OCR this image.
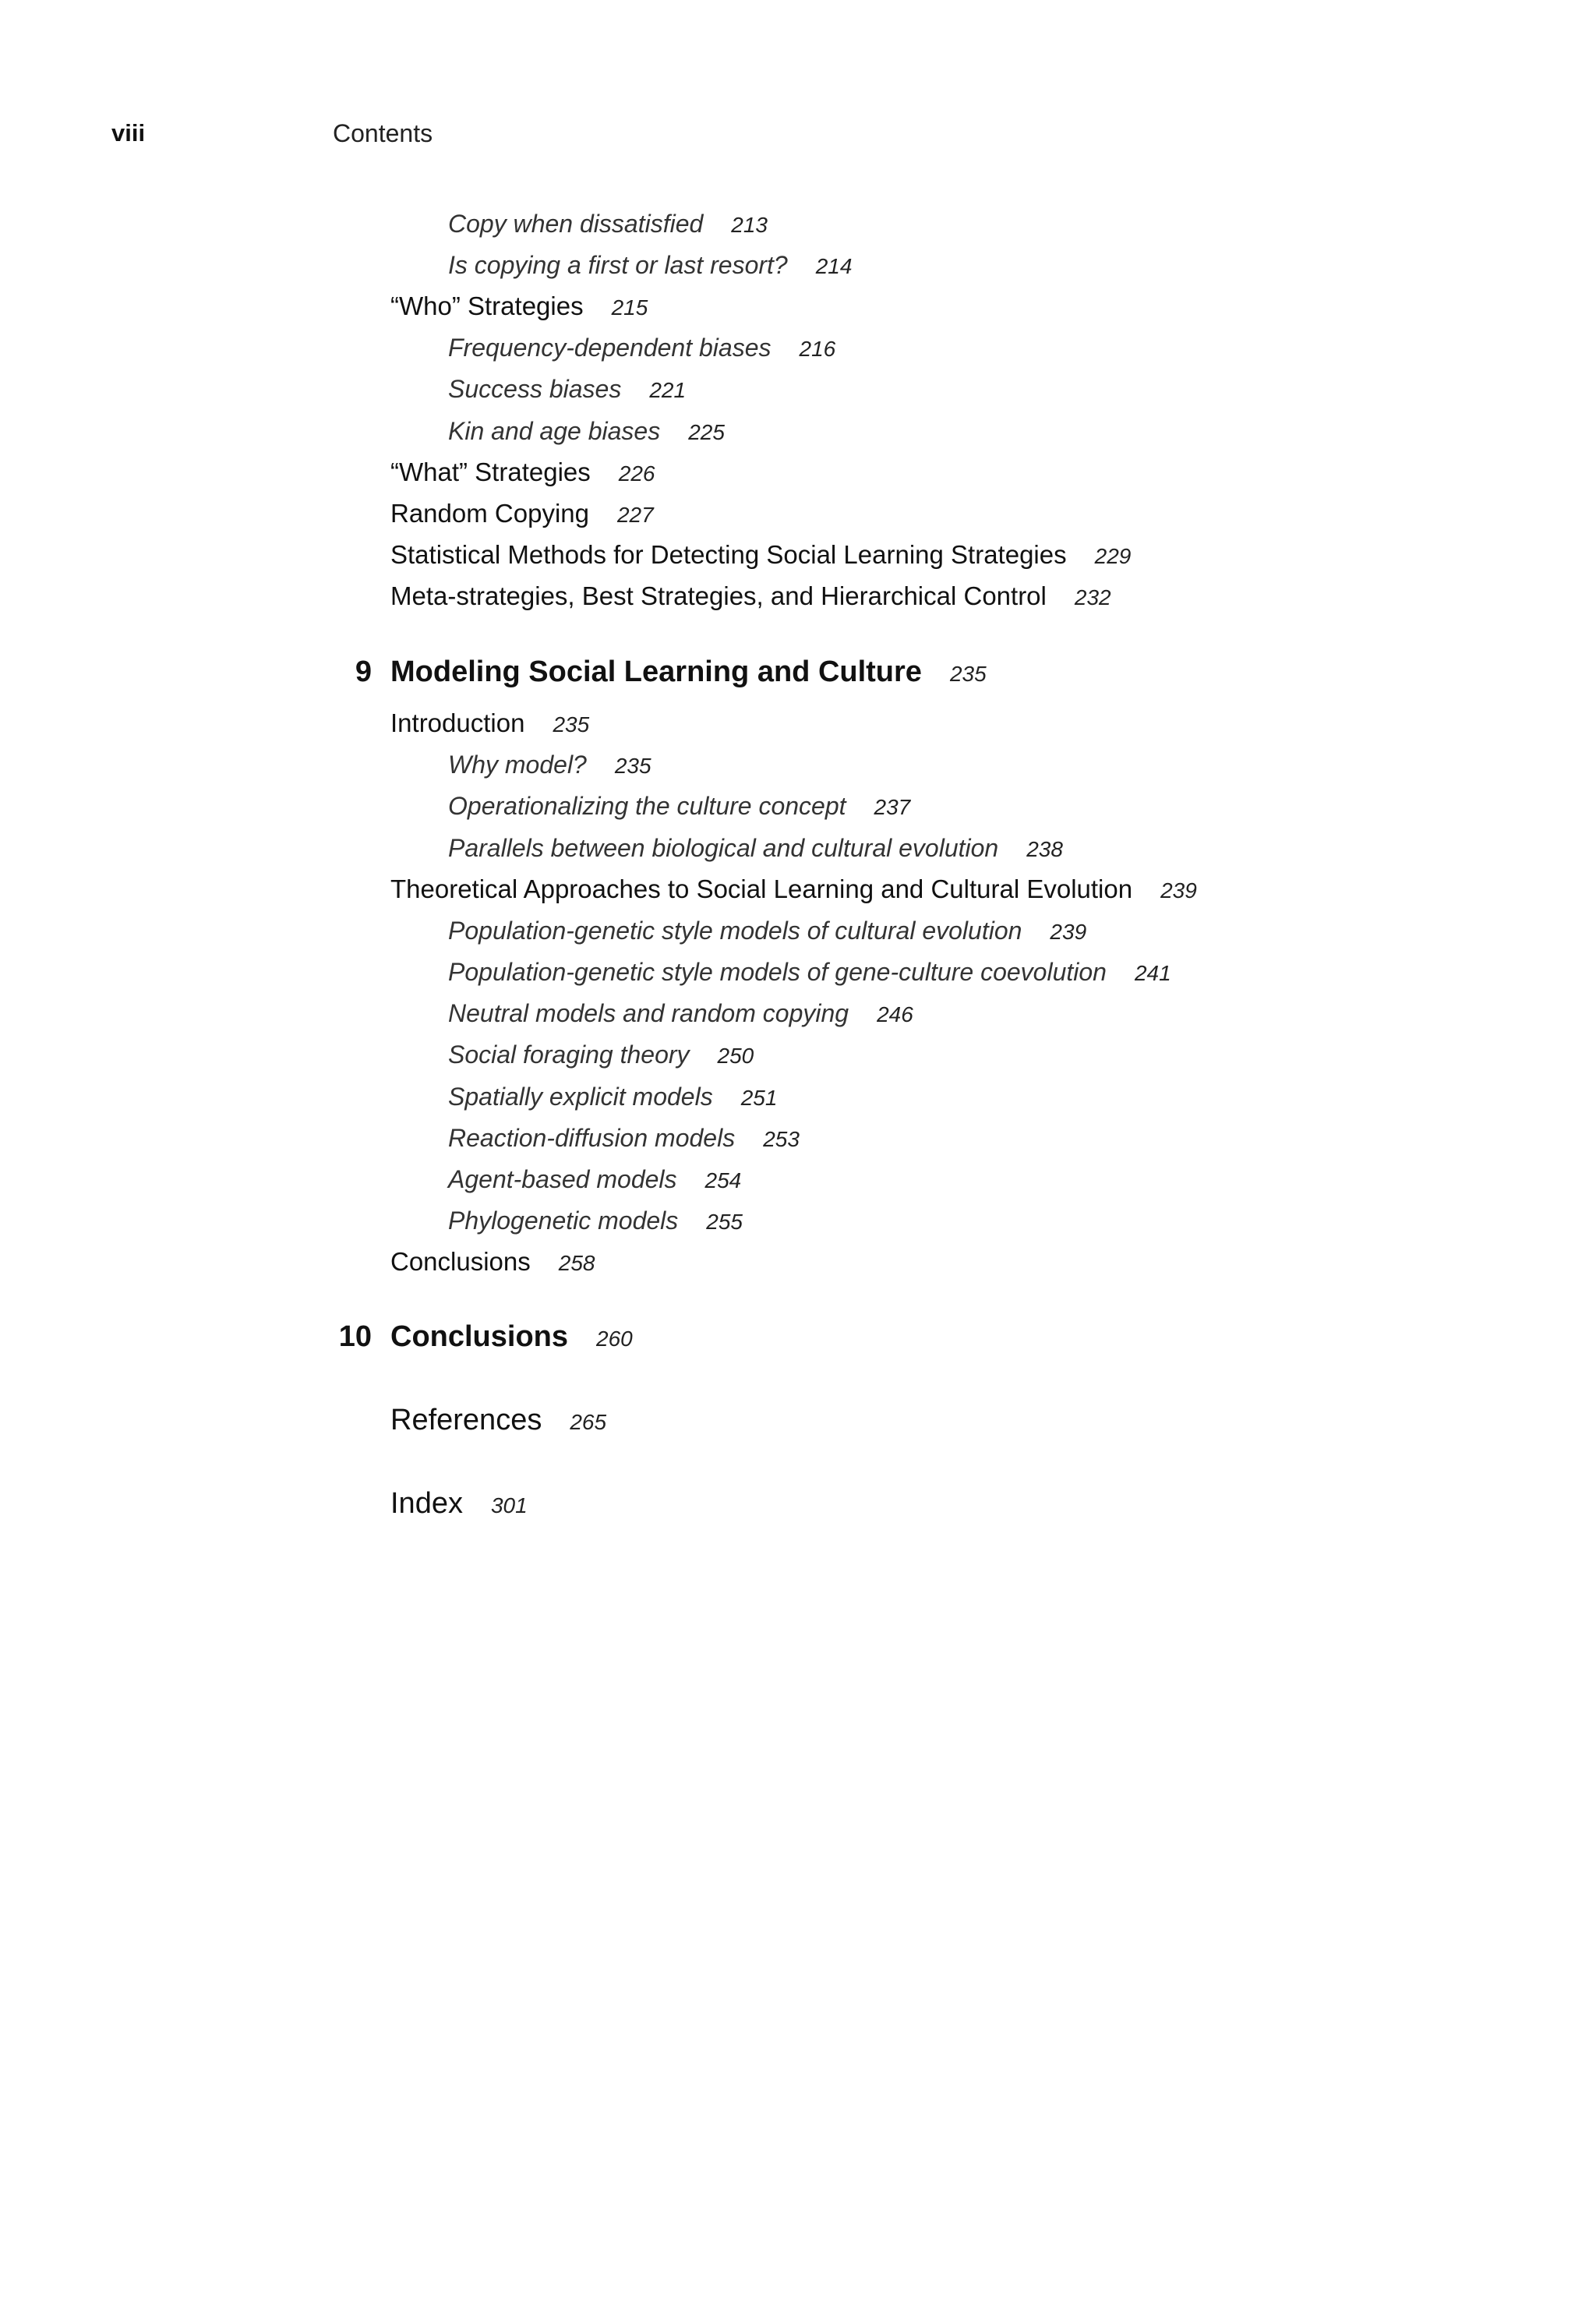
viii	Contents
Copy when dissatisfied 213
Is copying a first or last resort? 214
“Who” Strategies 215
Frequency-dependent biases 216
Success biases 221
Kin and age biases 225
“What” Strategies 226
Random Copying 227
Statistical Methods for Detecting Social Learning Strategies 229
Meta-strategies, Best Strategies, and Hierarchical Control 232
9 Modeling Social Learning and Culture 235
Introduction 235
Why model? 235
Operationalizing the culture concept 237
Parallels between biological and cultural evolution 238
Theoretical Approaches to Social Learning and Cultural Evolution 239
Population-genetic style models of cultural evolution 239
Population-genetic style models of gene-culture coevolution 241
Neutral models and random copying 246
Social foraging theory 250
Spatially explicit models 251
Reaction-diffusion models 253
Agent-based models 254
Phylogenetic models 255
Conclusions 258
10 Conclusions 260
References 265
Index 301
